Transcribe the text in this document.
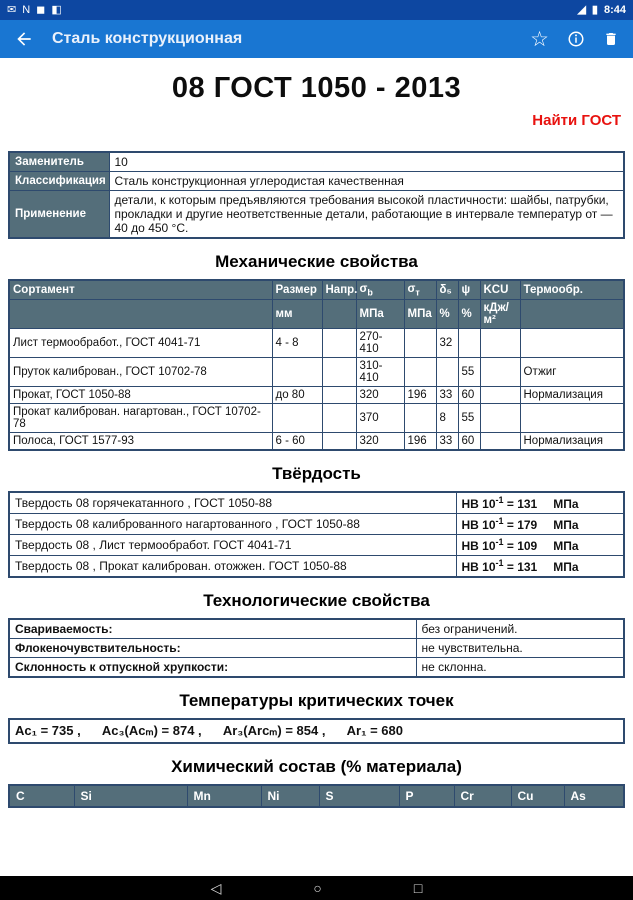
✉ N ◼ ◧	◢ ▮ 8:44
Сталь конструкционная	☆
08 ГОСТ 1050 - 2013
Найти ГОСТ
Заменитель	10
Классификация	Сталь конструкционная углеродистая качественная
Применение	детали, к которым предъявляются требования высокой пластичности: шайбы, патрубки, прокладки и другие неответственные детали, работающие в интервале температур от —40 до 450 °C.
Механические свойства
Сортамент	Размер	Напр.	$\sigma_b$	$\sigma_т$	δ₅	ψ	KCU	Термообр.
	мм		МПа	МПа	%	%	кДж/м²	
Лист термообработ., ГОСТ 4041-71	4 - 8		270-410		32			
Пруток калиброван., ГОСТ 10702-78			310-410			55		Отжиг
Прокат, ГОСТ 1050-88	до 80		320	196	33	60		Нормализация
Прокат калиброван. нагартован., ГОСТ 10702-78			370		8	55		
Полоса, ГОСТ 1577-93	6 - 60		320	196	33	60		Нормализация
Твёрдость
Твердость 08 горячекатанного , ГОСТ 1050-88	HB $10^{-1} = 131$ МПа
Твердость 08 калиброванного нагартованного , ГОСТ 1050-88	HB $10^{-1} = 179$ МПа
Твердость 08 , Лист термообработ. ГОСТ 4041-71	HB $10^{-1} = 109$ МПа
Твердость 08 , Прокат калиброван. отожжен. ГОСТ 1050-88	HB $10^{-1} = 131$ МПа
Технологические свойства
Свариваемость:	без ограничений.
Флокеночувствительность:	не чувствительна.
Склонность к отпускной хрупкости:	не склонна.
Температуры критических точек
Ac₁ = 735 ,      Ac₃(Acₘ) = 874 ,      Ar₃(Arcₘ) = 854 ,      Ar₁ = 680
Химический состав (% материала)
C	Si	Mn	Ni	S	P	Cr	Cu	As
◁	○	□
